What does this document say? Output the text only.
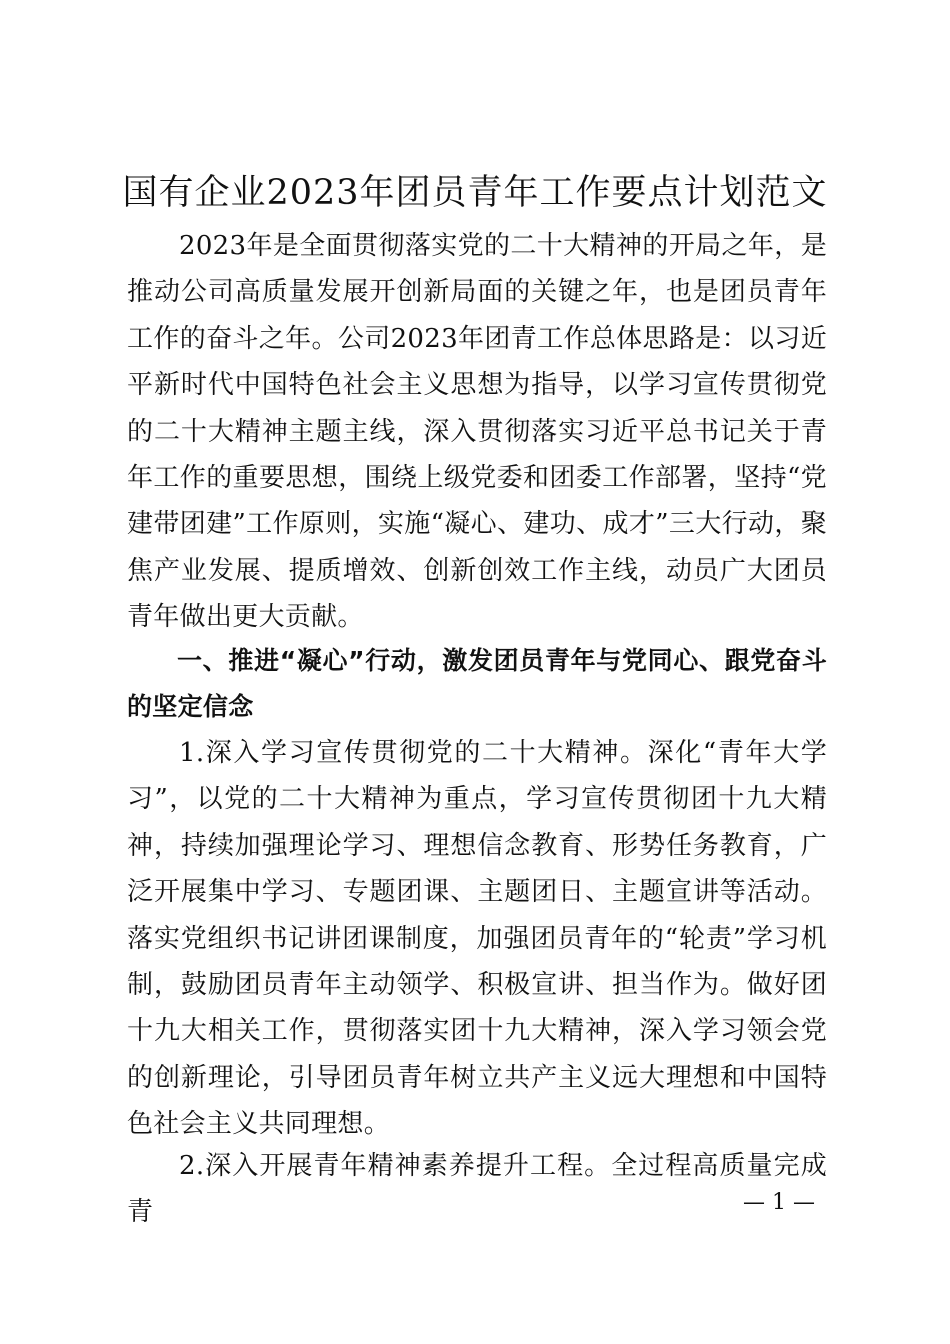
国有企业2023年团员青年工作要点计划范文

2023年是全面贯彻落实党的二十大精神的开局之年，是推动公司高质量发展开创新局面的关键之年，也是团员青年工作的奋斗之年。公司2023年团青工作总体思路是：以习近平新时代中国特色社会主义思想为指导，以学习宣传贯彻党的二十大精神主题主线，深入贯彻落实习近平总书记关于青年工作的重要思想，围绕上级党委和团委工作部署，坚持“党建带团建”工作原则，实施“凝心、建功、成才”三大行动，聚焦产业发展、提质增效、创新创效工作主线，动员广大团员青年做出更大贡献。

一、推进“凝心”行动，激发团员青年与党同心、跟党奋斗的坚定信念

1.深入学习宣传贯彻党的二十大精神。深化“青年大学习”，以党的二十大精神为重点，学习宣传贯彻团十九大精神，持续加强理论学习、理想信念教育、形势任务教育，广泛开展集中学习、专题团课、主题团日、主题宣讲等活动。落实党组织书记讲团课制度，加强团员青年的“轮责”学习机制，鼓励团员青年主动领学、积极宣讲、担当作为。做好团十九大相关工作，贯彻落实团十九大精神，深入学习领会党的创新理论，引导团员青年树立共产主义远大理想和中国特色社会主义共同理想。

2.深入开展青年精神素养提升工程。全过程高质量完成青	— 1 —
